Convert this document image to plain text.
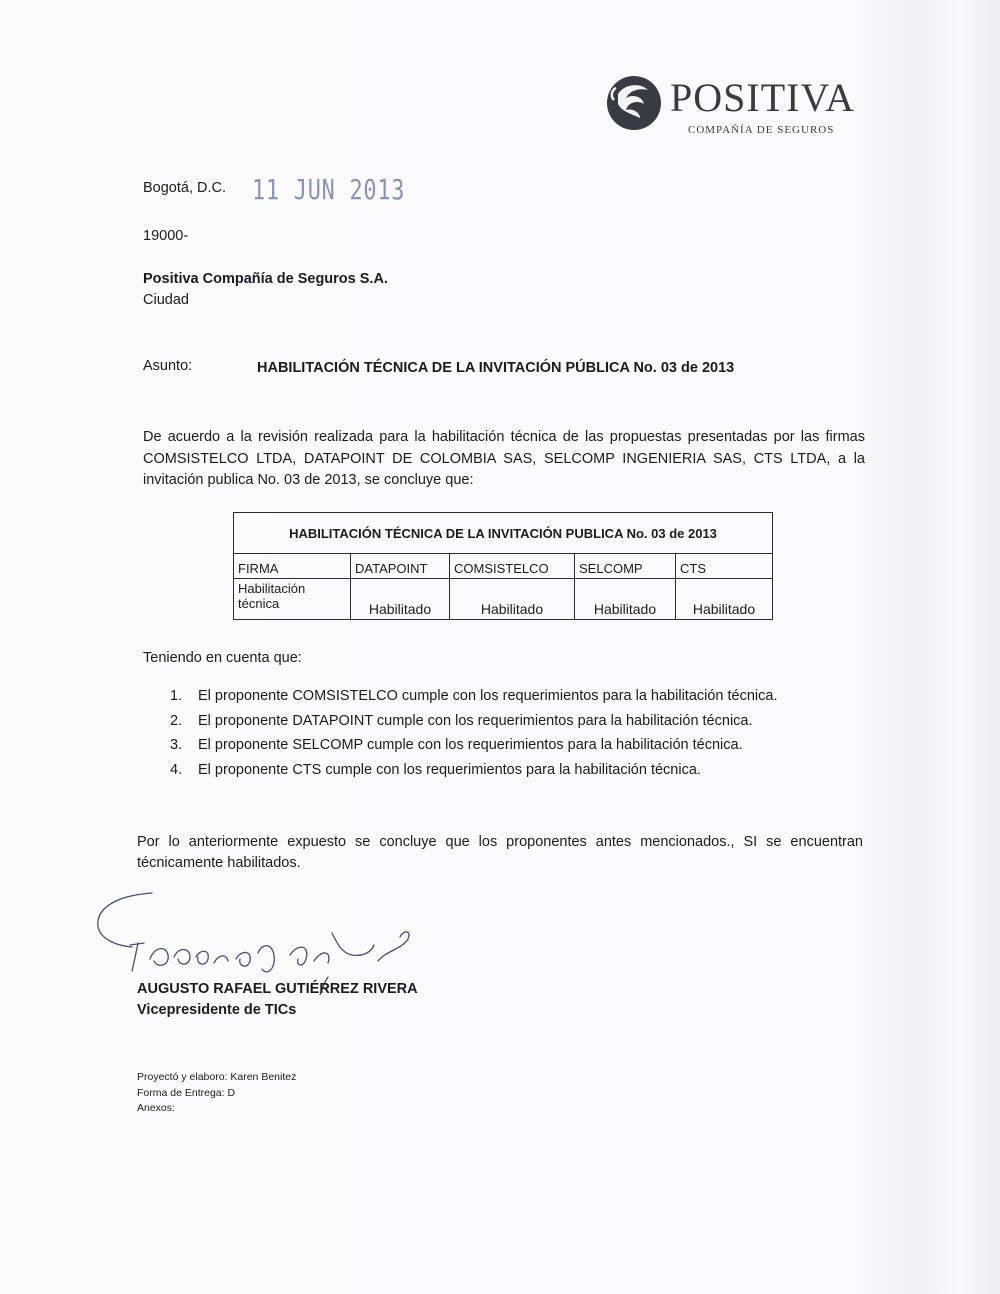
POSITIVA
COMPAÑÍA DE SEGUROS
Bogotá, D.C. 11 JUN 2013
19000-
Positiva Compañía de Seguros S.A.
Ciudad
Asunto:	HABILITACIÓN TÉCNICA DE LA INVITACIÓN PÚBLICA No. 03 de 2013
De acuerdo a la revisión realizada para la habilitación técnica de las propuestas presentadas por las firmas COMSISTELCO LTDA, DATAPOINT DE COLOMBIA SAS, SELCOMP INGENIERIA SAS, CTS LTDA, a la invitación publica No. 03 de 2013, se concluye que:
HABILITACIÓN TÉCNICA DE LA INVITACIÓN PUBLICA No. 03 de 2013				
FIRMA	DATAPOINT	COMSISTELCO	SELCOMP	CTS
Habilitación técnica	Habilitado	Habilitado	Habilitado	Habilitado
Teniendo en cuenta que:
1. El proponente COMSISTELCO cumple con los requerimientos para la habilitación técnica.
2. El proponente DATAPOINT cumple con los requerimientos para la habilitación técnica.
3. El proponente SELCOMP cumple con los requerimientos para la habilitación técnica.
4. El proponente CTS cumple con los requerimientos para la habilitación técnica.
Por lo anteriormente expuesto se concluye que los proponentes antes mencionados., SI se encuentran técnicamente habilitados.
AUGUSTO RAFAEL GUTIÉRREZ RIVERA
Vicepresidente de TICs
Proyectó y elaboro: Karen Benitez
Forma de Entrega: D
Anexos:
